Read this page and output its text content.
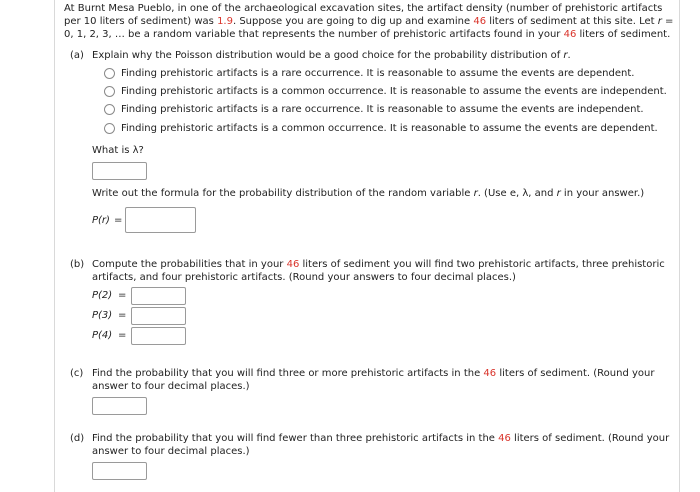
At Burnt Mesa Pueblo, in one of the archaeological excavation sites, the artifact density (number of prehistoric artifacts per 10 liters of sediment) was 1.9. Suppose you are going to dig up and examine 46 liters of sediment at this site. Let r = 0, 1, 2, 3, … be a random variable that represents the number of prehistoric artifacts found in your 46 liters of sediment.
(a) Explain why the Poisson distribution would be a good choice for the probability distribution of r.
Finding prehistoric artifacts is a rare occurrence. It is reasonable to assume the events are dependent.
Finding prehistoric artifacts is a common occurrence. It is reasonable to assume the events are independent.
Finding prehistoric artifacts is a rare occurrence. It is reasonable to assume the events are independent.
Finding prehistoric artifacts is a common occurrence. It is reasonable to assume the events are dependent.
What is λ?
Write out the formula for the probability distribution of the random variable r. (Use e, λ, and r in your answer.)
P(r) =
(b) Compute the probabilities that in your 46 liters of sediment you will find two prehistoric artifacts, three prehistoric artifacts, and four prehistoric artifacts. (Round your answers to four decimal places.)
P(2) =
P(3) =
P(4) =
(c) Find the probability that you will find three or more prehistoric artifacts in the 46 liters of sediment. (Round your answer to four decimal places.)
(d) Find the probability that you will find fewer than three prehistoric artifacts in the 46 liters of sediment. (Round your answer to four decimal places.)
